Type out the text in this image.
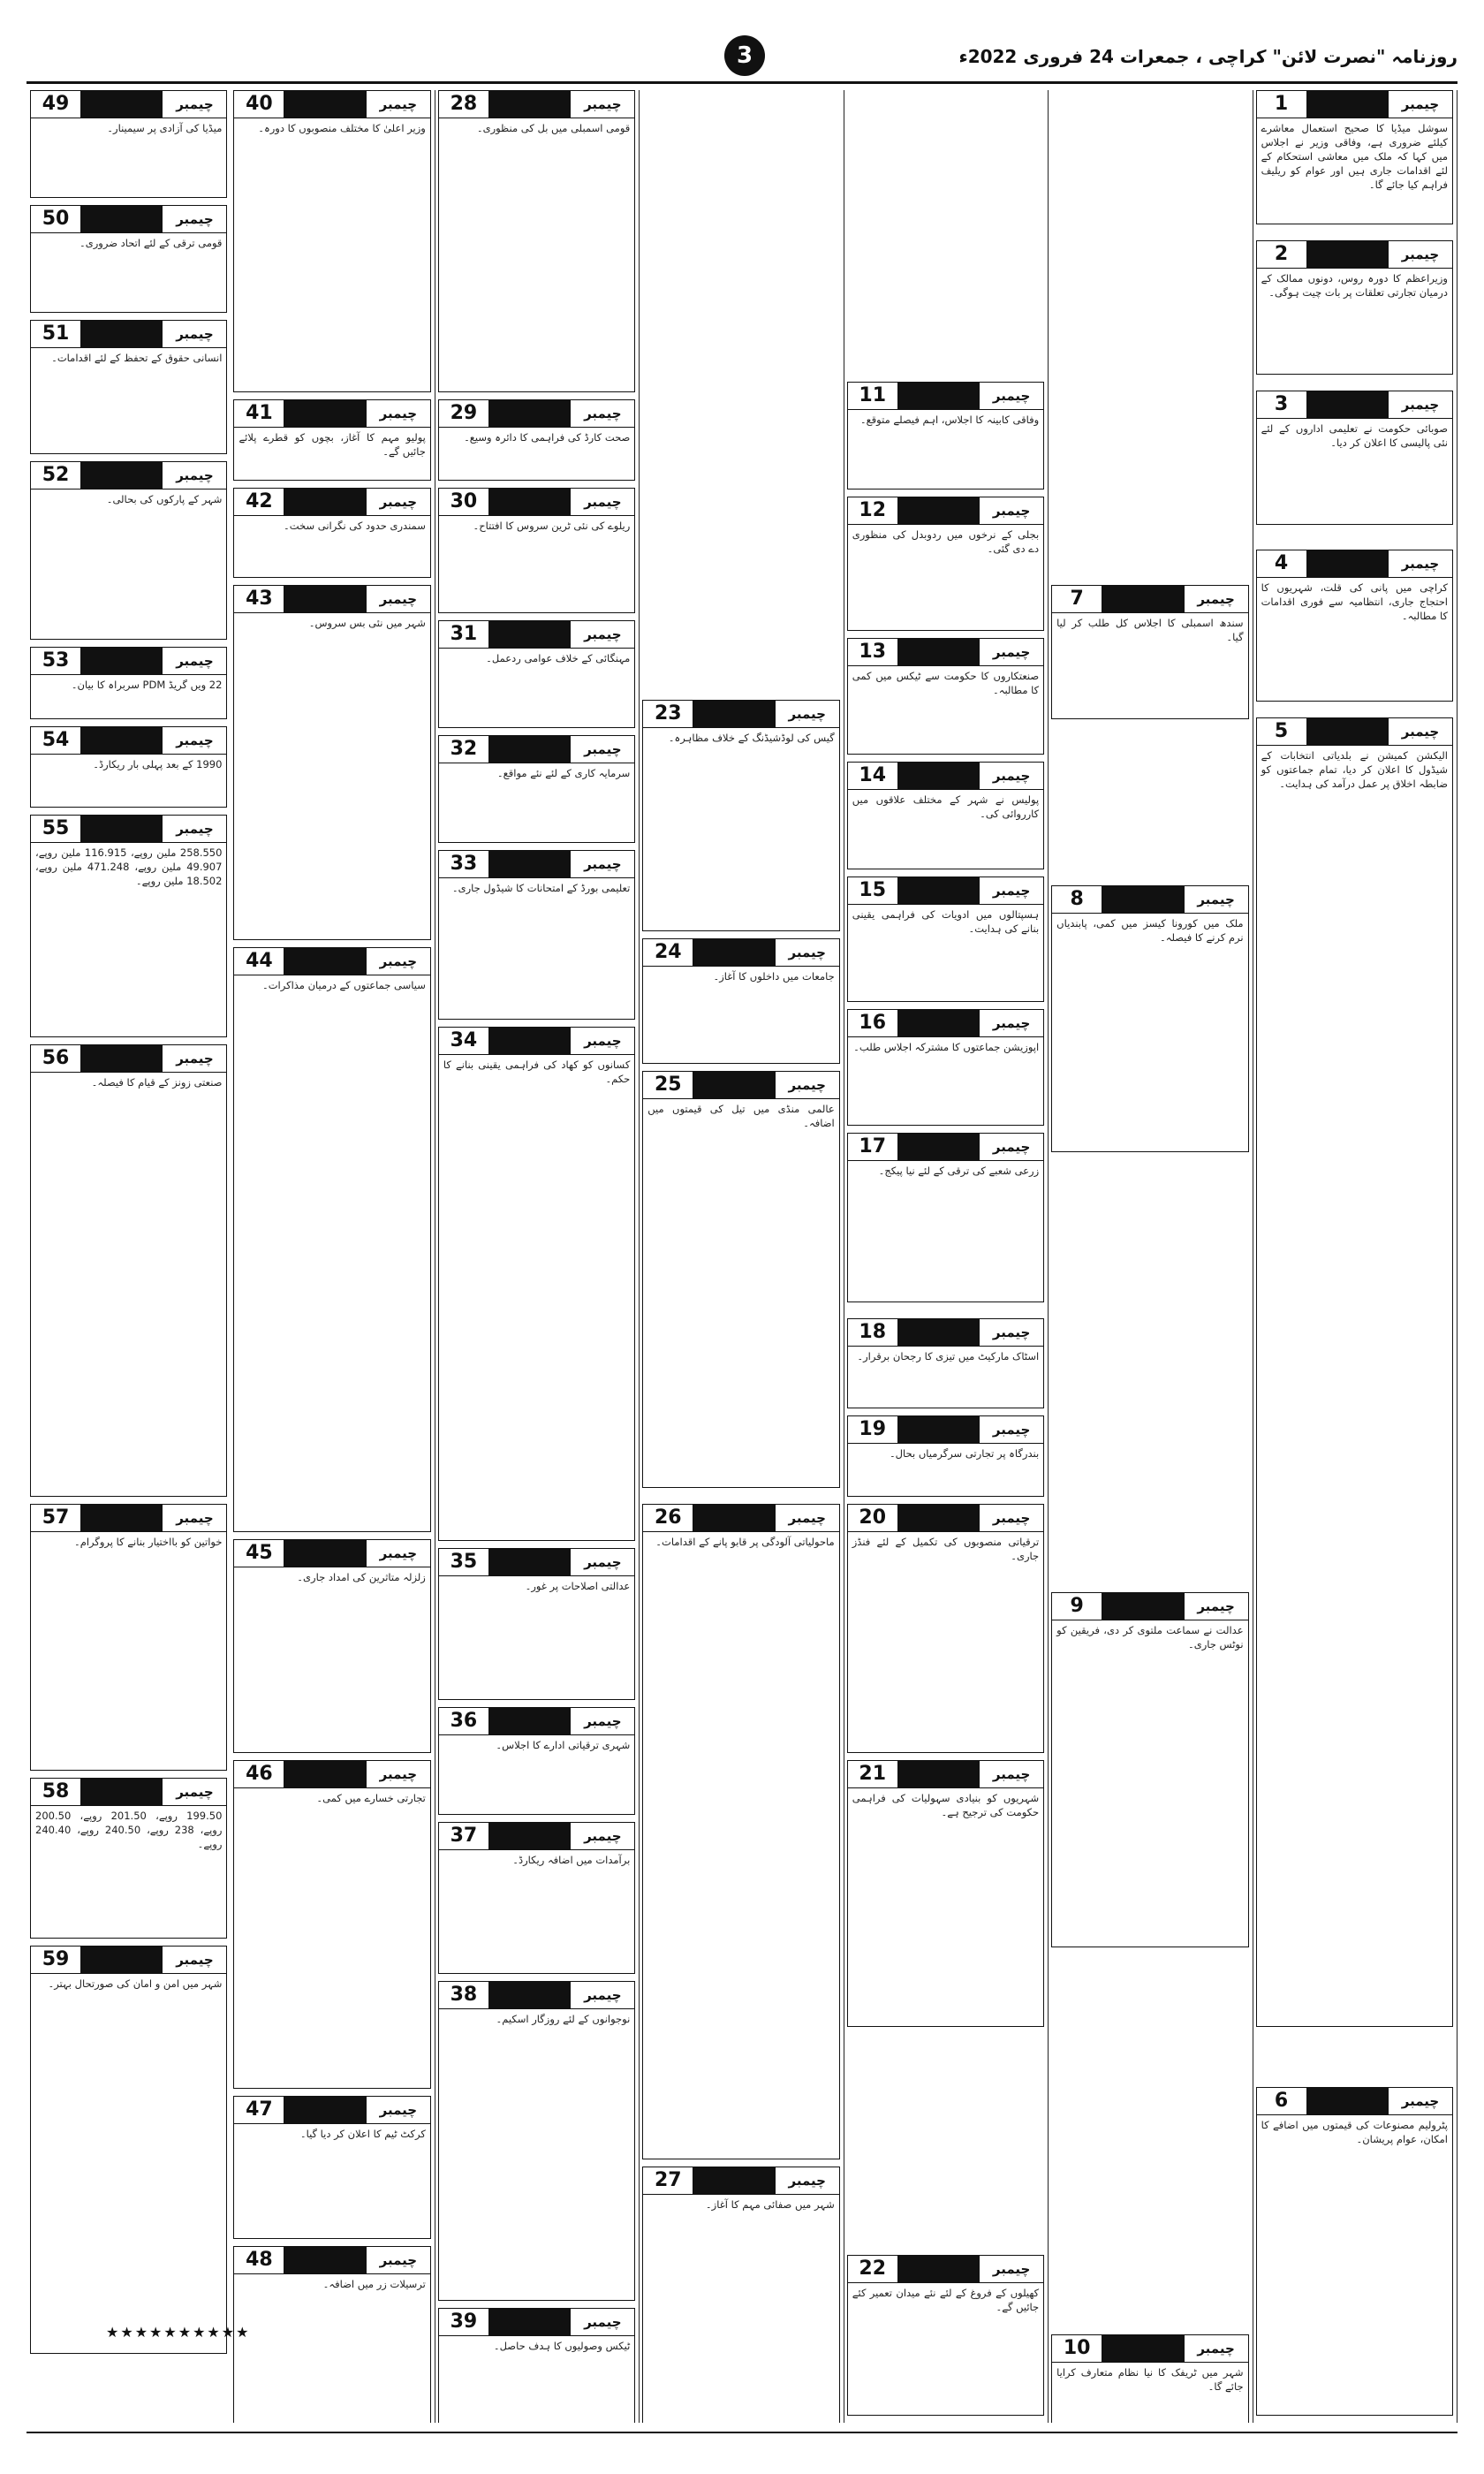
روزنامہ "نصرت لائن" کراچی ، جمعرات 24 فروری 2022ء
3
1	چیمبر
سوشل میڈیا کا صحیح استعمال معاشرے کیلئے ضروری ہے، وفاقی وزیر نے اجلاس میں کہا کہ ملک میں معاشی استحکام کے لئے اقدامات جاری ہیں اور عوام کو ریلیف فراہم کیا جائے گا۔
2	چیمبر
وزیراعظم کا دورہ روس، دونوں ممالک کے درمیان تجارتی تعلقات پر بات چیت ہوگی۔
3	چیمبر
صوبائی حکومت نے تعلیمی اداروں کے لئے نئی پالیسی کا اعلان کر دیا۔
4	چیمبر
کراچی میں پانی کی قلت، شہریوں کا احتجاج جاری، انتظامیہ سے فوری اقدامات کا مطالبہ۔
5	چیمبر
الیکشن کمیشن نے بلدیاتی انتخابات کے شیڈول کا اعلان کر دیا، تمام جماعتوں کو ضابطہ اخلاق پر عمل درآمد کی ہدایت۔
6	چیمبر
پٹرولیم مصنوعات کی قیمتوں میں اضافے کا امکان، عوام پریشان۔
7	چیمبر
سندھ اسمبلی کا اجلاس کل طلب کر لیا گیا۔
8	چیمبر
ملک میں کورونا کیسز میں کمی، پابندیاں نرم کرنے کا فیصلہ۔
9	چیمبر
عدالت نے سماعت ملتوی کر دی، فریقین کو نوٹس جاری۔
10	چیمبر
شہر میں ٹریفک کا نیا نظام متعارف کرایا جائے گا۔
11	چیمبر
وفاقی کابینہ کا اجلاس، اہم فیصلے متوقع۔
12	چیمبر
بجلی کے نرخوں میں ردوبدل کی منظوری دے دی گئی۔
13	چیمبر
صنعتکاروں کا حکومت سے ٹیکس میں کمی کا مطالبہ۔
14	چیمبر
پولیس نے شہر کے مختلف علاقوں میں کارروائی کی۔
15	چیمبر
ہسپتالوں میں ادویات کی فراہمی یقینی بنانے کی ہدایت۔
16	چیمبر
اپوزیشن جماعتوں کا مشترکہ اجلاس طلب۔
17	چیمبر
زرعی شعبے کی ترقی کے لئے نیا پیکج۔
18	چیمبر
اسٹاک مارکیٹ میں تیزی کا رجحان برقرار۔
19	چیمبر
بندرگاہ پر تجارتی سرگرمیاں بحال۔
20	چیمبر
ترقیاتی منصوبوں کی تکمیل کے لئے فنڈز جاری۔
21	چیمبر
شہریوں کو بنیادی سہولیات کی فراہمی حکومت کی ترجیح ہے۔
22	چیمبر
کھیلوں کے فروغ کے لئے نئے میدان تعمیر کئے جائیں گے۔
23	چیمبر
گیس کی لوڈشیڈنگ کے خلاف مظاہرہ۔
24	چیمبر
جامعات میں داخلوں کا آغاز۔
25	چیمبر
عالمی منڈی میں تیل کی قیمتوں میں اضافہ۔
26	چیمبر
ماحولیاتی آلودگی پر قابو پانے کے اقدامات۔
27	چیمبر
شہر میں صفائی مہم کا آغاز۔
28	چیمبر
قومی اسمبلی میں بل کی منظوری۔
29	چیمبر
صحت کارڈ کی فراہمی کا دائرہ وسیع۔
30	چیمبر
ریلوے کی نئی ٹرین سروس کا افتتاح۔
31	چیمبر
مہنگائی کے خلاف عوامی ردعمل۔
32	چیمبر
سرمایہ کاری کے لئے نئے مواقع۔
33	چیمبر
تعلیمی بورڈ کے امتحانات کا شیڈول جاری۔
34	چیمبر
کسانوں کو کھاد کی فراہمی یقینی بنانے کا حکم۔
35	چیمبر
عدالتی اصلاحات پر غور۔
36	چیمبر
شہری ترقیاتی ادارے کا اجلاس۔
37	چیمبر
برآمدات میں اضافہ ریکارڈ۔
38	چیمبر
نوجوانوں کے لئے روزگار اسکیم۔
39	چیمبر
ٹیکس وصولیوں کا ہدف حاصل۔
40	چیمبر
وزیر اعلیٰ کا مختلف منصوبوں کا دورہ۔
41	چیمبر
پولیو مہم کا آغاز، بچوں کو قطرے پلائے جائیں گے۔
42	چیمبر
سمندری حدود کی نگرانی سخت۔
43	چیمبر
شہر میں نئی بس سروس۔
44	چیمبر
سیاسی جماعتوں کے درمیان مذاکرات۔
45	چیمبر
زلزلہ متاثرین کی امداد جاری۔
46	چیمبر
تجارتی خسارے میں کمی۔
47	چیمبر
کرکٹ ٹیم کا اعلان کر دیا گیا۔
48	چیمبر
ترسیلات زر میں اضافہ۔
49	چیمبر
میڈیا کی آزادی پر سیمینار۔
50	چیمبر
قومی ترقی کے لئے اتحاد ضروری۔
51	چیمبر
انسانی حقوق کے تحفظ کے لئے اقدامات۔
52	چیمبر
شہر کے پارکوں کی بحالی۔
53	چیمبر
22 ویں گریڈ PDM سربراہ کا بیان۔
54	چیمبر
1990 کے بعد پہلی بار ریکارڈ۔
55	چیمبر
258.550 ملین روپے، 116.915 ملین روپے، 49.907 ملین روپے، 471.248 ملین روپے، 18.502 ملین روپے۔
56	چیمبر
صنعتی زونز کے قیام کا فیصلہ۔
57	چیمبر
خواتین کو بااختیار بنانے کا پروگرام۔
58	چیمبر
199.50 روپے، 201.50 روپے، 200.50 روپے، 238 روپے، 240.50 روپے، 240.40 روپے۔
59	چیمبر
شہر میں امن و امان کی صورتحال بہتر۔
★★★★★★★★★★
